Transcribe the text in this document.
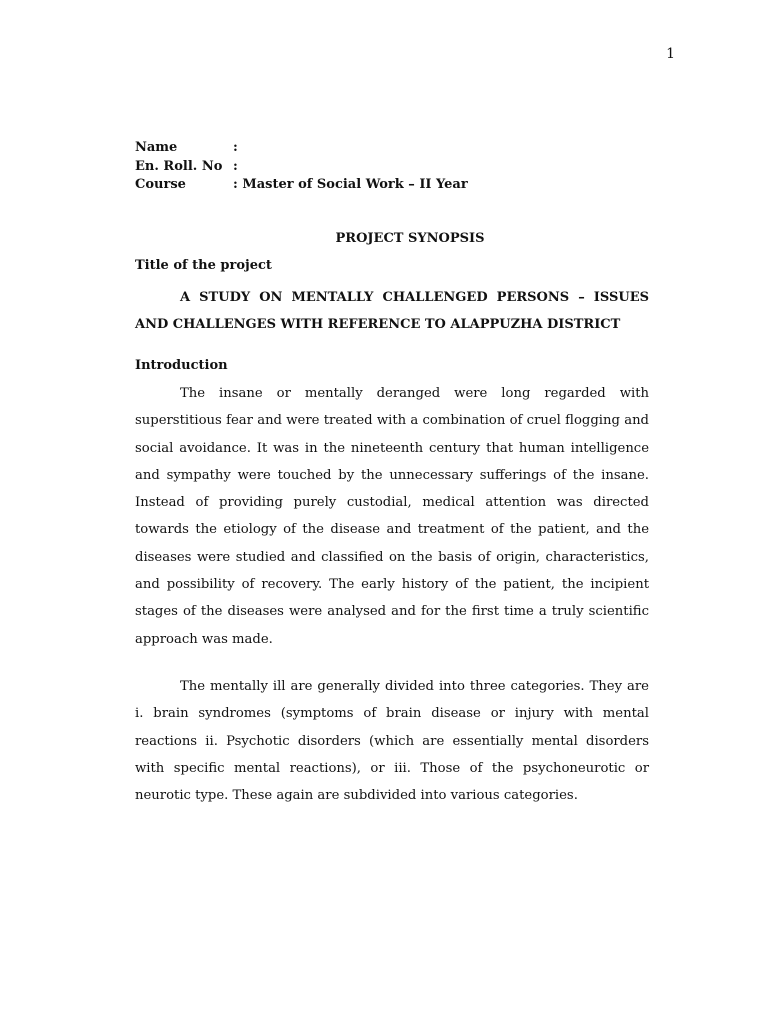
1
Name	:
En. Roll. No :
Course	: Master of Social Work – II Year
PROJECT SYNOPSIS
Title of the project
A STUDY ON MENTALLY CHALLENGED PERSONS – ISSUES AND CHALLENGES WITH REFERENCE TO ALAPPUZHA DISTRICT
Introduction

The insane or mentally deranged were long regarded with superstitious fear and were treated with a combination of cruel flogging and social avoidance. It was in the nineteenth century that human intelligence and sympathy were touched by the unnecessary sufferings of the insane. Instead of providing purely custodial, medical attention was directed towards the etiology of the disease and treatment of the patient, and the diseases were studied and classified on the basis of origin, characteristics, and possibility of recovery. The early history of the patient, the incipient stages of the diseases were analysed and for the first time a truly scientific approach was made.

The mentally ill are generally divided into three categories. They are i. brain syndromes (symptoms of brain disease or injury with mental reactions ii. Psychotic disorders (which are essentially mental disorders with specific mental reactions), or iii. Those of the psychoneurotic or neurotic type. These again are subdivided into various categories.
